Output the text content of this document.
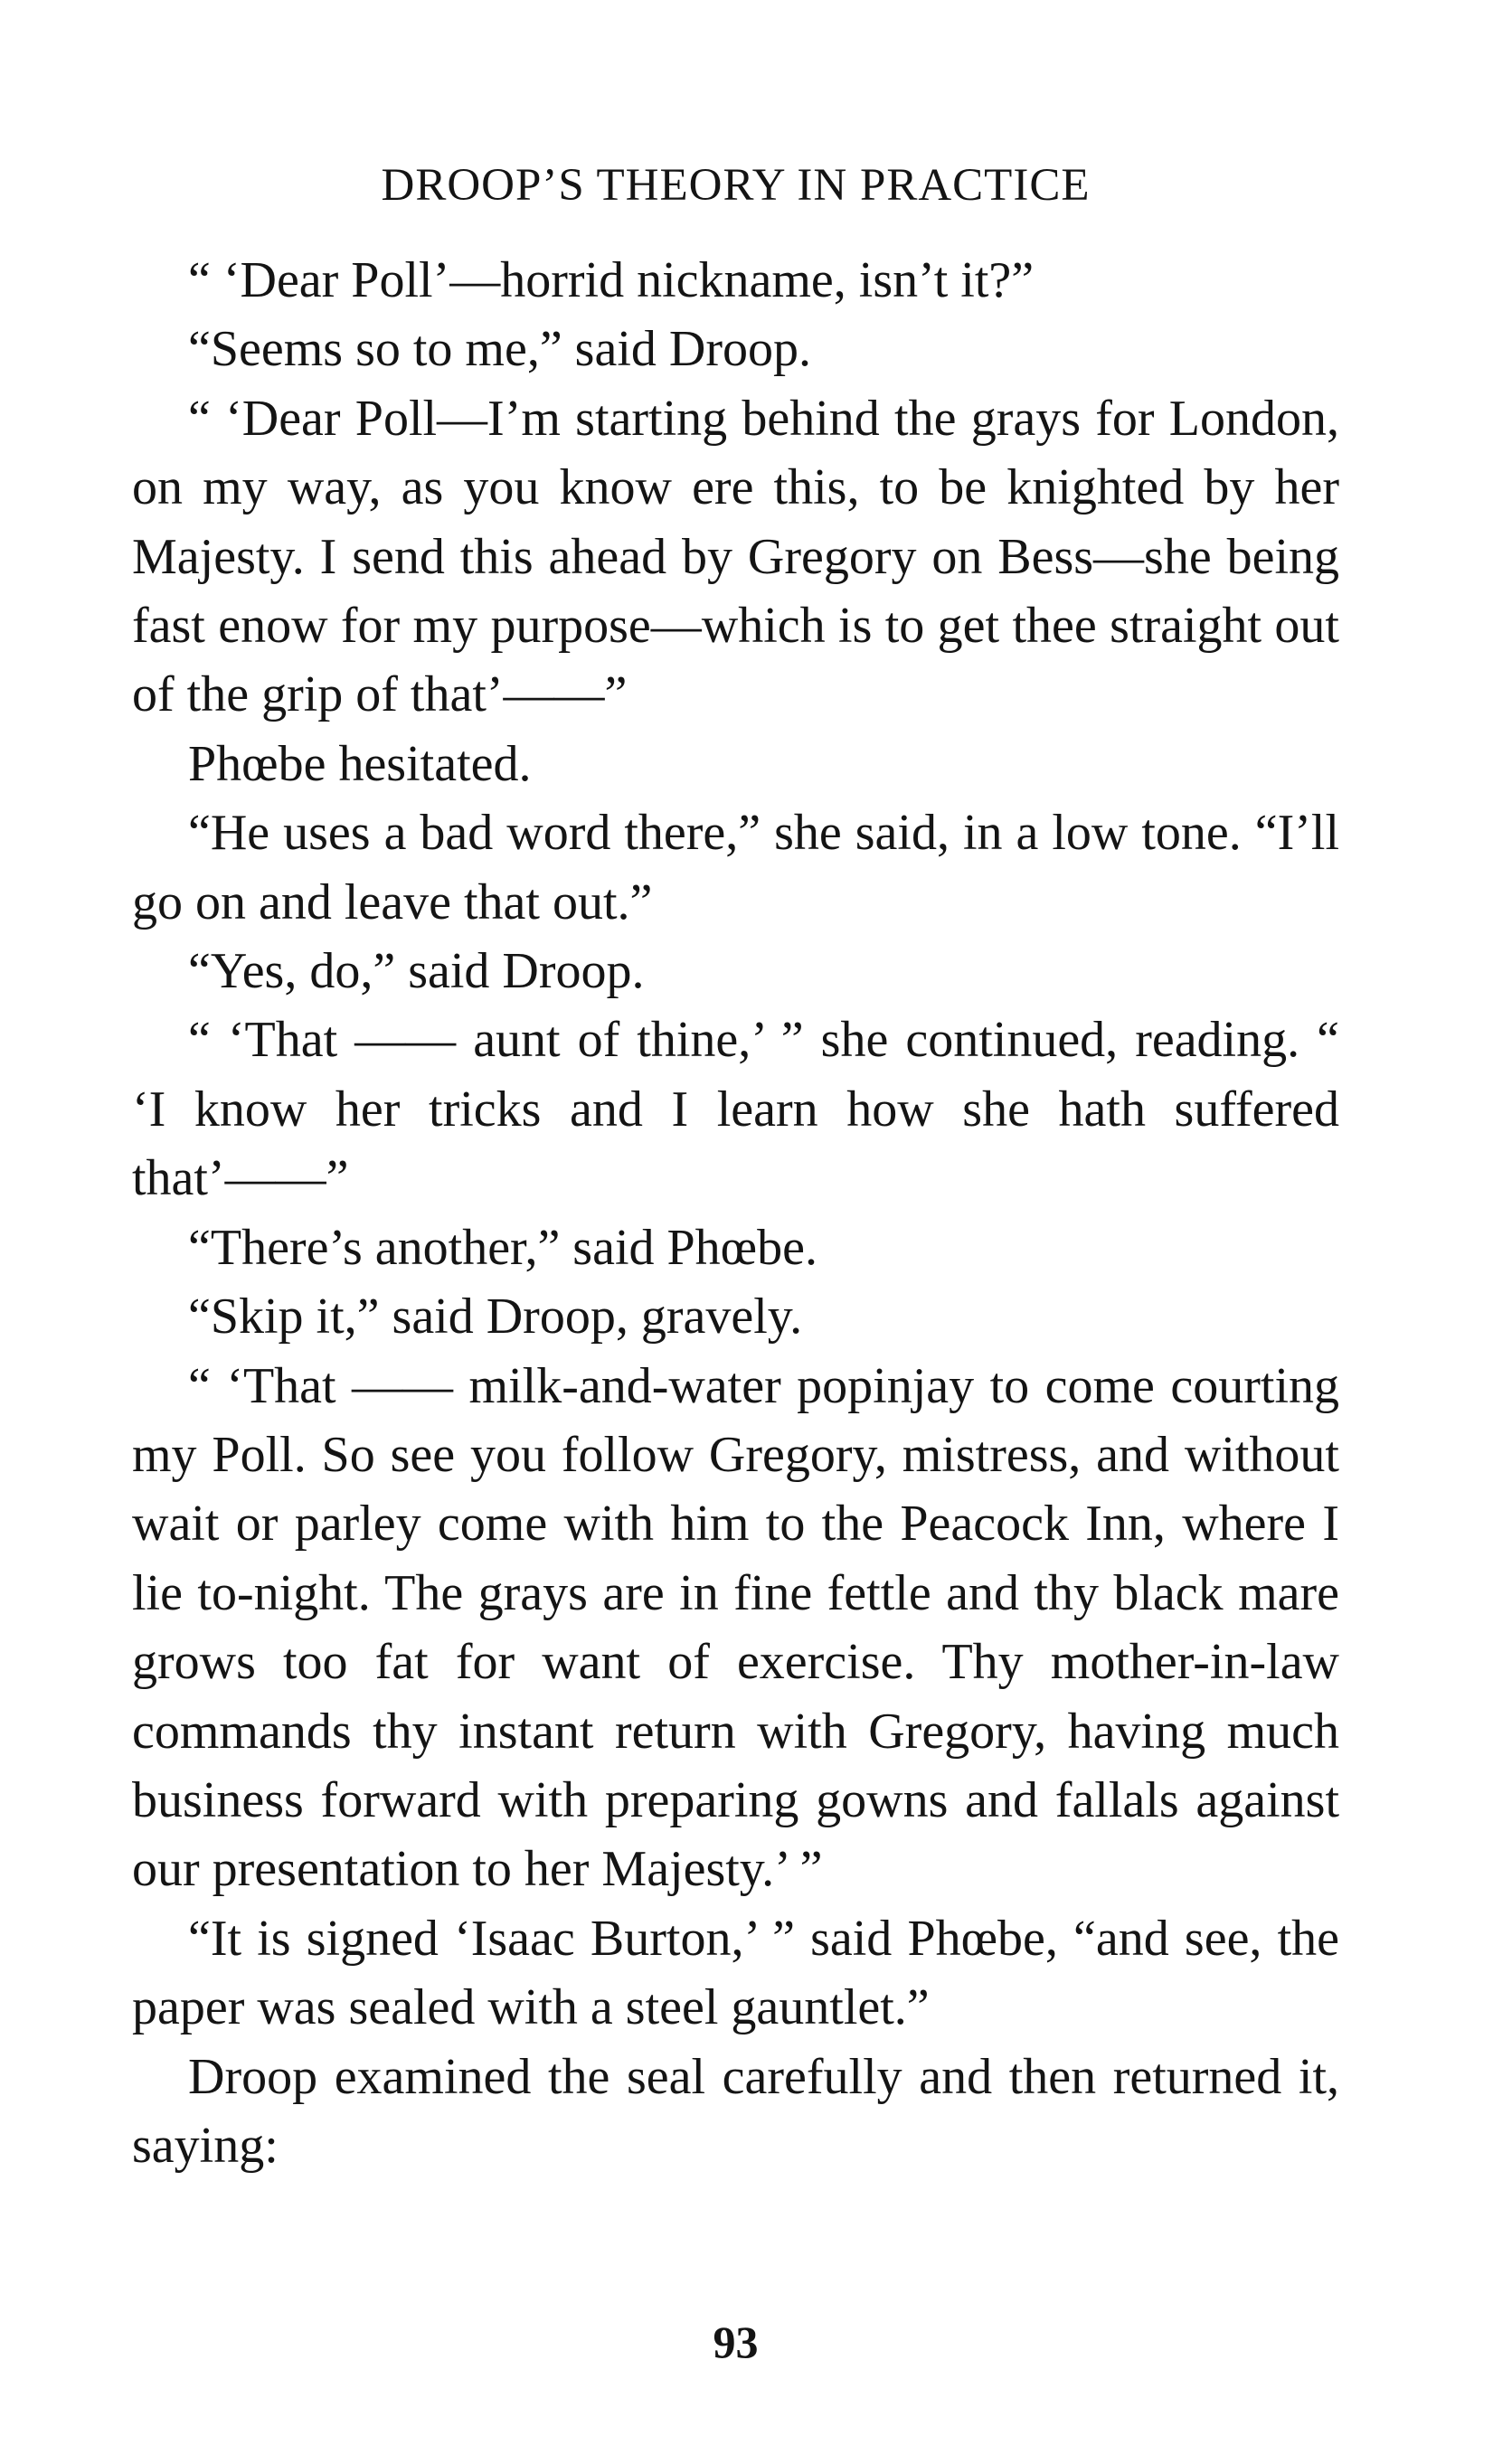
DROOP’S THEORY IN PRACTICE

“ ‘Dear Poll’—horrid nickname, isn’t it?”

“Seems so to me,” said Droop.

“ ‘Dear Poll—I’m starting behind the grays for London, on my way, as you know ere this, to be knighted by her Majesty. I send this ahead by Gregory on Bess—she being fast enow for my purpose—which is to get thee straight out of the grip of that’——”

Phœbe hesitated.

“He uses a bad word there,” she said, in a low tone. “I’ll go on and leave that out.”

“Yes, do,” said Droop.

“ ‘That —— aunt of thine,’ ” she continued, reading. “ ‘I know her tricks and I learn how she hath suffered that’——”

“There’s another,” said Phœbe.

“Skip it,” said Droop, gravely.

“ ‘That —— milk-and-water popinjay to come courting my Poll. So see you follow Gregory, mistress, and without wait or parley come with him to the Peacock Inn, where I lie to-night. The grays are in fine fettle and thy black mare grows too fat for want of exercise. Thy mother-in-law commands thy instant return with Gregory, having much business forward with preparing gowns and fallals against our presentation to her Majesty.’ ”

“It is signed ‘Isaac Burton,’ ” said Phœbe, “and see, the paper was sealed with a steel gauntlet.”

Droop examined the seal carefully and then returned it, saying:

93
